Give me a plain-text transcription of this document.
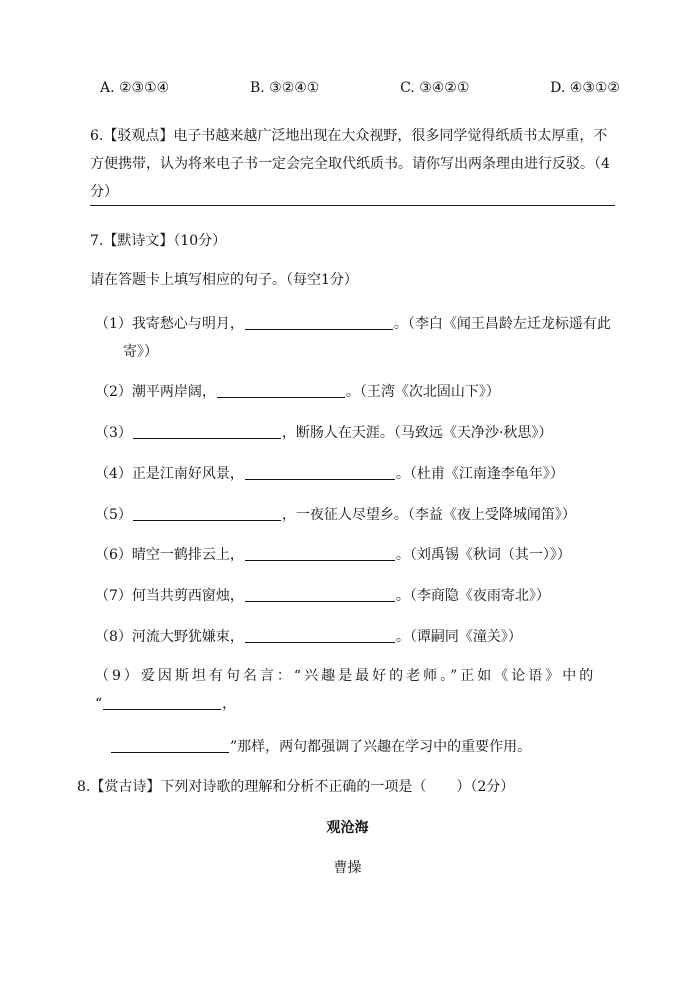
A. ②③①④	B. ③②④①	C. ③④②①	D. ④③①②
6.【驳观点】电子书越来越广泛地出现在大众视野，很多同学觉得纸质书太厚重，不方便携带，认为将来电子书一定会完全取代纸质书。请你写出两条理由进行反驳。（4分）
7.【默诗文】（10分）
请在答题卡上填写相应的句子。（每空1分）
（1）我寄愁心与明月，	。（李白《闻王昌龄左迁龙标遥有此
寄》）
（2）潮平两岸阔，	。（王湾《次北固山下》）
（3）	，断肠人在天涯。（马致远《天净沙·秋思》）
（4）正是江南好风景，	。（杜甫《江南逢李龟年》）
（5）	，一夜征人尽望乡。（李益《夜上受降城闻笛》）
（6）晴空一鹤排云上，	。（刘禹锡《秋词（其一）》）
（7）何当共剪西窗烛，	。（李商隐《夜雨寄北》）
（8）河流大野犹嫌束，	。（谭嗣同《潼关》）
（9）爱因斯坦有句名言：“兴趣是最好的老师。”正如《论语》中的
“	，
”那样，两句都强调了兴趣在学习中的重要作用。
8.【赏古诗】下列对诗歌的理解和分析不正确的一项是（ ）（2分）
观沧海
曹操
